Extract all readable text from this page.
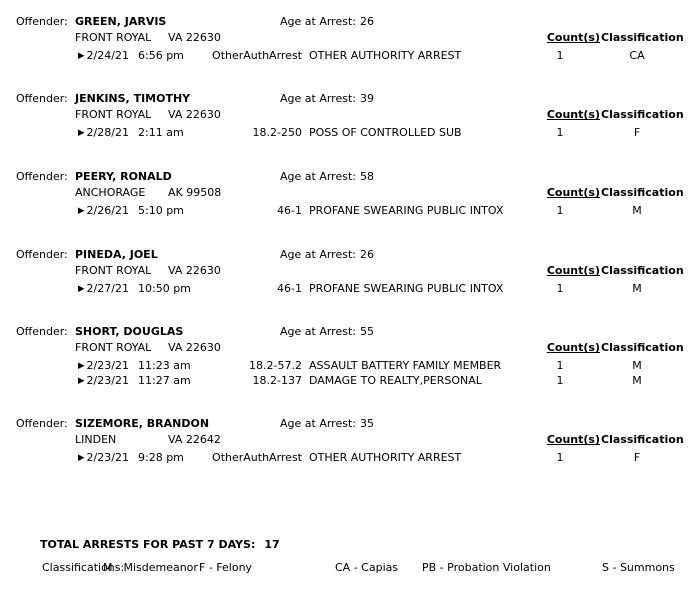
Offender: GREEN, JARVIS	Age at Arrest: 26
FRONT ROYAL VA 22630	Count(s) Classification
▶ 2/24/21 6:56 pm	OtherAuthArrest OTHER AUTHORITY ARREST	1	CA
Offender: JENKINS, TIMOTHY	Age at Arrest: 39
FRONT ROYAL VA 22630	Count(s) Classification
▶ 2/28/21 2:11 am	18.2-250 POSS OF CONTROLLED SUB	1	F
Offender: PEERY, RONALD	Age at Arrest: 58
ANCHORAGE AK 99508	Count(s) Classification
▶ 2/26/21 5:10 pm	46-1 PROFANE SWEARING PUBLIC INTOX	1	M
Offender: PINEDA, JOEL	Age at Arrest: 26
FRONT ROYAL VA 22630	Count(s) Classification
▶ 2/27/21 10:50 pm	46-1 PROFANE SWEARING PUBLIC INTOX	1	M
Offender: SHORT, DOUGLAS	Age at Arrest: 55
FRONT ROYAL VA 22630	Count(s) Classification
▶ 2/23/21 11:23 am	18.2-57.2 ASSAULT BATTERY FAMILY MEMBER	1	M
▶ 2/23/21 11:27 am	18.2-137 DAMAGE TO REALTY,PERSONAL	1	M
Offender: SIZEMORE, BRANDON	Age at Arrest: 35
LINDEN	VA 22642	Count(s) Classification
▶ 2/23/21 9:28 pm	OtherAuthArrest OTHER AUTHORITY ARREST	1	F
TOTAL ARRESTS FOR PAST 7 DAYS: 17
Classifications:
M - Misdemeanor F - Felony	CA - Capias PB - Probation Violation	S - Summons
